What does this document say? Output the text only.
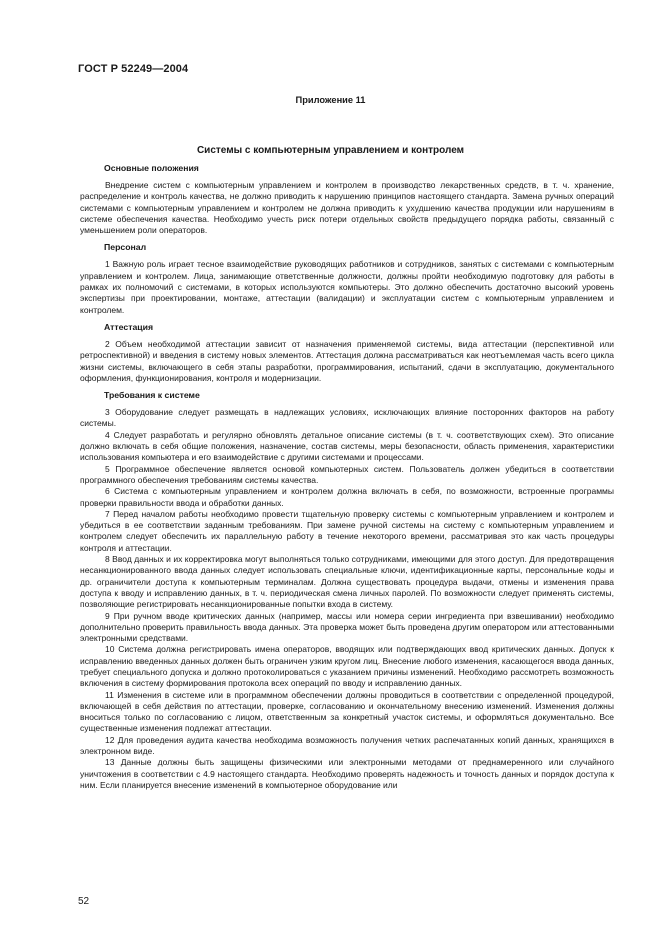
ГОСТ Р 52249—2004
Приложение 11
Системы с компьютерным управлением и контролем
Основные положения

Внедрение систем с компьютерным управлением и контролем в производство лекарственных средств, в т. ч. хранение, распределение и контроль качества, не должно приводить к нарушению принципов настоящего стандарта. Замена ручных операций системами с компьютерным управлением и контролем не должна приводить к ухудшению качества продукции или нарушениям в системе обеспечения качества. Необходимо учесть риск потери отдельных свойств предыдущего порядка работы, связанный с уменьшением роли операторов.

Персонал

1 Важную роль играет тесное взаимодействие руководящих работников и сотрудников, занятых с системами с компьютерным управлением и контролем. Лица, занимающие ответственные должности, должны пройти необходимую подготовку для работы в рамках их полномочий с системами, в которых используются компьютеры. Это должно обеспечить достаточно высокий уровень экспертизы при проектировании, монтаже, аттестации (валидации) и эксплуатации систем с компьютерным управлением и контролем.

Аттестация

2 Объем необходимой аттестации зависит от назначения применяемой системы, вида аттестации (перспективной или ретроспективной) и введения в систему новых элементов. Аттестация должна рассматриваться как неотъемлемая часть всего цикла жизни системы, включающего в себя этапы разработки, программирования, испытаний, сдачи в эксплуатацию, документального оформления, функционирования, контроля и модернизации.

Требования к системе

3 Оборудование следует размещать в надлежащих условиях, исключающих влияние посторонних факторов на работу системы.

4 Следует разработать и регулярно обновлять детальное описание системы (в т. ч. соответствующих схем). Это описание должно включать в себя общие положения, назначение, состав системы, меры безопасности, область применения, характеристики использования компьютера и его взаимодействие с другими системами и процессами.

5 Программное обеспечение является основой компьютерных систем. Пользователь должен убедиться в соответствии программного обеспечения требованиям системы качества.

6 Система с компьютерным управлением и контролем должна включать в себя, по возможности, встроенные программы проверки правильности ввода и обработки данных.

7 Перед началом работы необходимо провести тщательную проверку системы с компьютерным управлением и контролем и убедиться в ее соответствии заданным требованиям. При замене ручной системы на систему с компьютерным управлением и контролем следует обеспечить их параллельную работу в течение некоторого времени, рассматривая это как часть процедуры контроля и аттестации.

8 Ввод данных и их корректировка могут выполняться только сотрудниками, имеющими для этого доступ. Для предотвращения несанкционированного ввода данных следует использовать специальные ключи, идентификационные карты, персональные коды и др. ограничители доступа к компьютерным терминалам. Должна существовать процедура выдачи, отмены и изменения права доступа к вводу и исправлению данных, в т. ч. периодическая смена личных паролей. По возможности следует применять системы, позволяющие регистрировать несанкционированные попытки входа в систему.

9 При ручном вводе критических данных (например, массы или номера серии ингредиента при взвешивании) необходимо дополнительно проверить правильность ввода данных. Эта проверка может быть проведена другим оператором или аттестованными электронными средствами.

10 Система должна регистрировать имена операторов, вводящих или подтверждающих ввод критических данных. Допуск к исправлению введенных данных должен быть ограничен узким кругом лиц. Внесение любого изменения, касающегося ввода данных, требует специального допуска и должно протоколироваться с указанием причины изменений. Необходимо рассмотреть возможность включения в систему формирования протокола всех операций по вводу и исправлению данных.

11 Изменения в системе или в программном обеспечении должны проводиться в соответствии с определенной процедурой, включающей в себя действия по аттестации, проверке, согласованию и окончательному внесению изменений. Изменения должны вноситься только по согласованию с лицом, ответственным за конкретный участок системы, и оформляться документально. Все существенные изменения подлежат аттестации.

12 Для проведения аудита качества необходима возможность получения четких распечатанных копий данных, хранящихся в электронном виде.

13 Данные должны быть защищены физическими или электронными методами от преднамеренного или случайного уничтожения в соответствии с 4.9 настоящего стандарта. Необходимо проверять надежность и точность данных и порядок доступа к ним. Если планируется внесение изменений в компьютерное оборудование или

52
